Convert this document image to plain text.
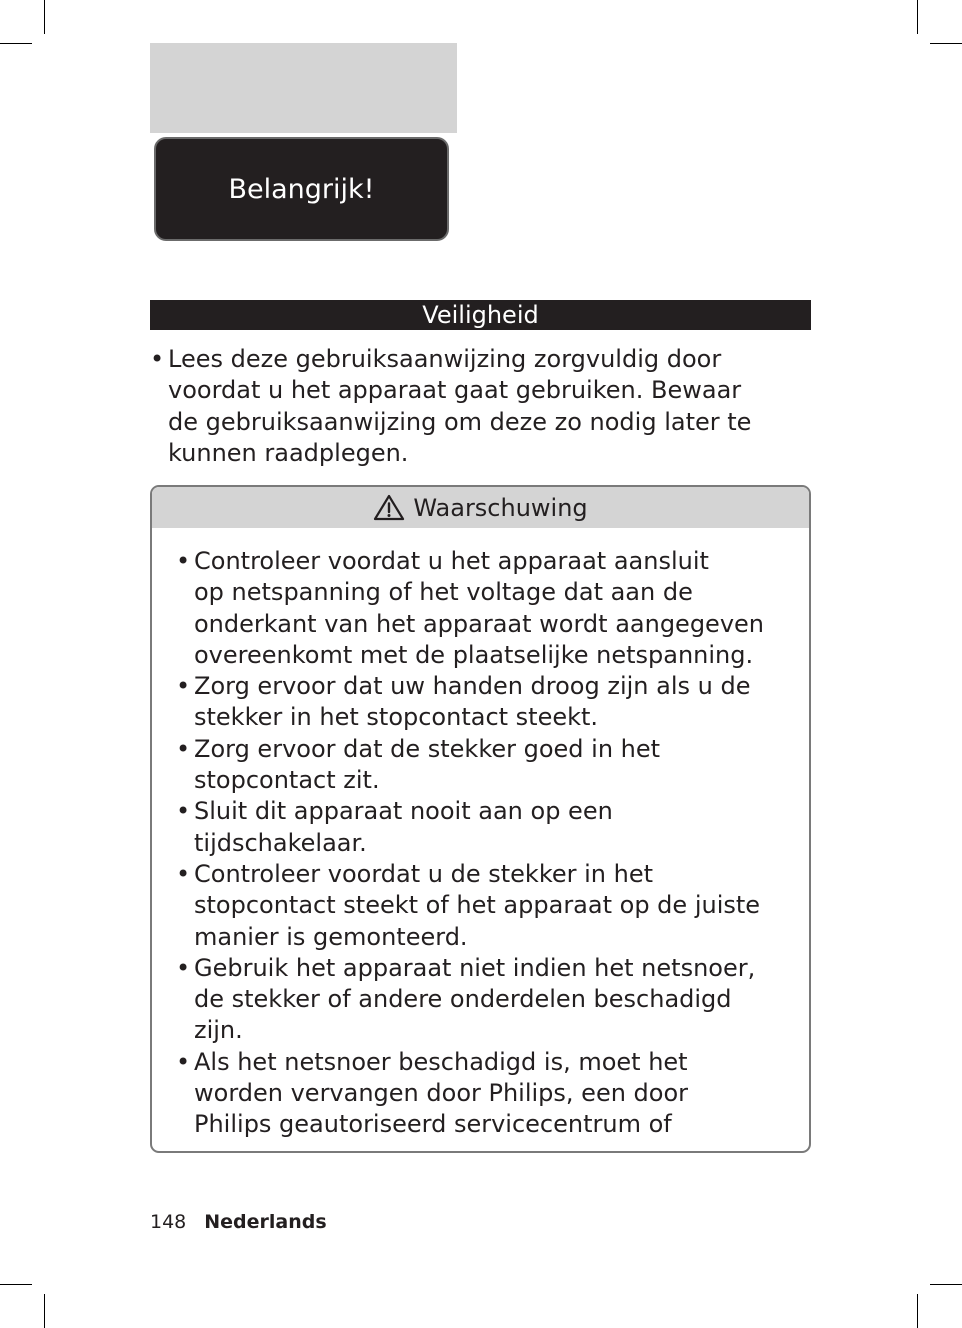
Belangrijk!
Veiligheid
• Lees deze gebruiksaanwijzing zorgvuldig door
voordat u het apparaat gaat gebruiken. Bewaar
de gebruiksaanwijzing om deze zo nodig later te
kunnen raadplegen.
Waarschuwing
• Controleer voordat u het apparaat aansluit
op netspanning of het voltage dat aan de
onderkant van het apparaat wordt aangegeven
overeenkomt met de plaatselijke netspanning.
• Zorg ervoor dat uw handen droog zijn als u de
stekker in het stopcontact steekt.
• Zorg ervoor dat de stekker goed in het
stopcontact zit.
• Sluit dit apparaat nooit aan op een
tijdschakelaar.
• Controleer voordat u de stekker in het
stopcontact steekt of het apparaat op de juiste
manier is gemonteerd.
• Gebruik het apparaat niet indien het netsnoer,
de stekker of andere onderdelen beschadigd
zijn.
• Als het netsnoer beschadigd is, moet het
worden vervangen door Philips, een door
Philips geautoriseerd servicecentrum of
148 Nederlands
